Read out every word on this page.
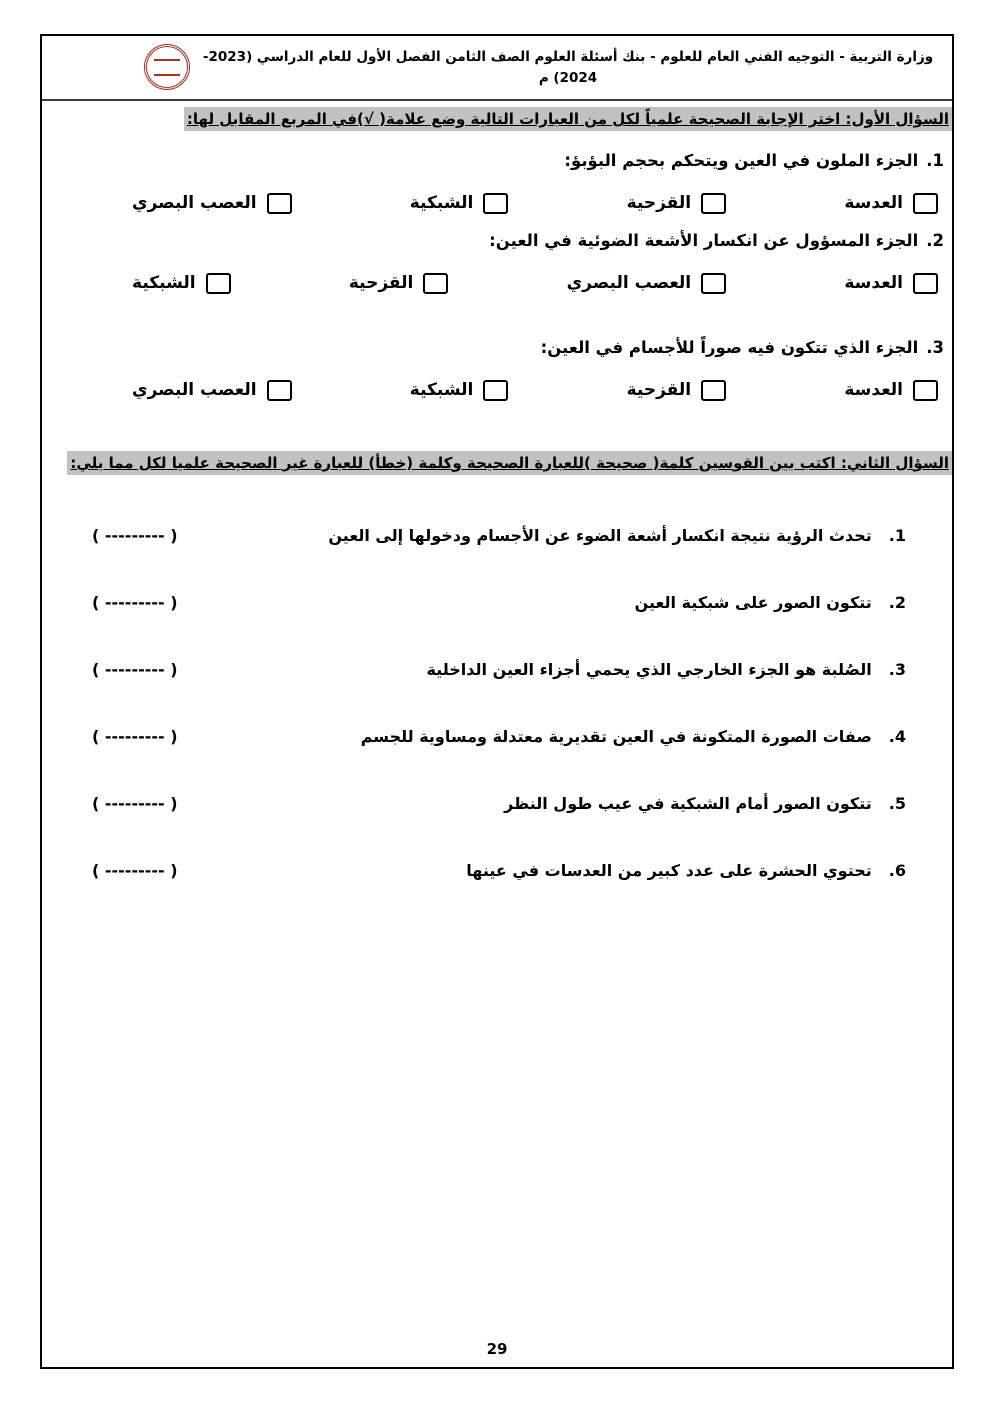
وزارة التربية - التوجيه الفني العام للعلوم - بنك أسئلة العلوم الصف الثامن الفصل الأول للعام الدراسي (2023-2024) م
السؤال الأول: اختر الإجابة الصحيحة علمياً لكل من العبارات التالية وضع علامة( √)في المربع المقابل لها:
1.الجزء الملون في العين ويتحكم بحجم البؤبؤ:
العدسة
القزحية
الشبكية
العصب البصري
2.الجزء المسؤول عن انكسار الأشعة الضوئية في العين:
العدسة
العصب البصري
القزحية
الشبكية
3.الجزء الذي تتكون فيه صوراً للأجسام في العين:
العدسة
القزحية
الشبكية
العصب البصري
السؤال الثاني: اكتب بين القوسين كلمة( صحيحة )للعبارة الصحيحة وكلمة (خطأ) للعبارة غير الصحيحة علميا لكل مما يلي:
1.
تحدث الرؤية نتيجة انكسار أشعة الضوء عن الأجسام ودخولها إلى العين
( --------- )
2.
تتكون الصور على شبكية العين
( --------- )
3.
الصُلبة هو الجزء الخارجي الذي يحمي أجزاء العين الداخلية
( --------- )
4.
صفات الصورة المتكونة في العين تقديرية معتدلة ومساوية للجسم
( --------- )
5.
تتكون الصور أمام الشبكية في عيب طول النظر
( --------- )
6.
تحتوي الحشرة على عدد كبير من العدسات في عينها
( --------- )
29
